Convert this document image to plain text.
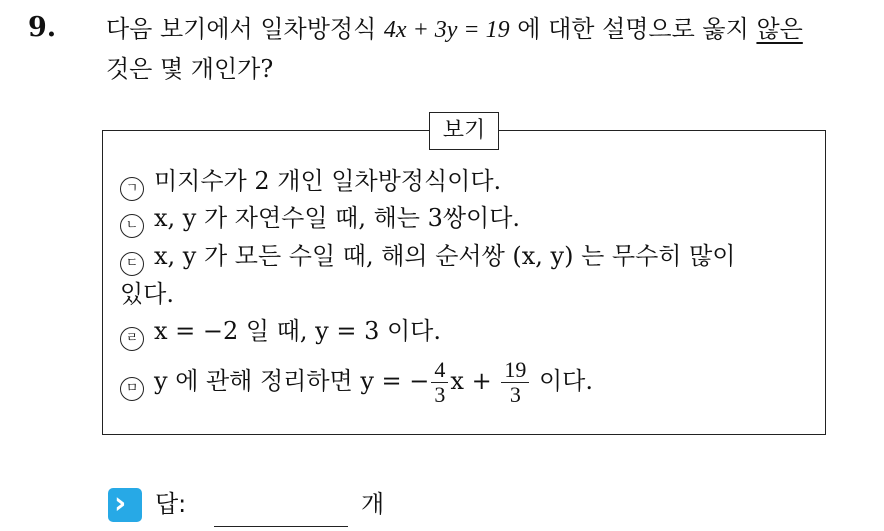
9. 다음 보기에서 일차방정식 4x + 3y = 19 에 대한 설명으로 옳지 않은
것은 몇 개인가?
보기
ㄱ 미지수가 2 개인 일차방정식이다.
ㄴ x, y 가 자연수일 때, 해는 3쌍이다.
ㄷ x, y 가 모든 수일 때, 해의 순서쌍 (x, y) 는 무수히 많이
있다.
ㄹ x = −2 일 때, y = 3 이다.
ㅁ y 에 관해 정리하면 y = − $\frac{4}{3}$ $x + \frac{19}{3}$ 이다.
› 답:	개
